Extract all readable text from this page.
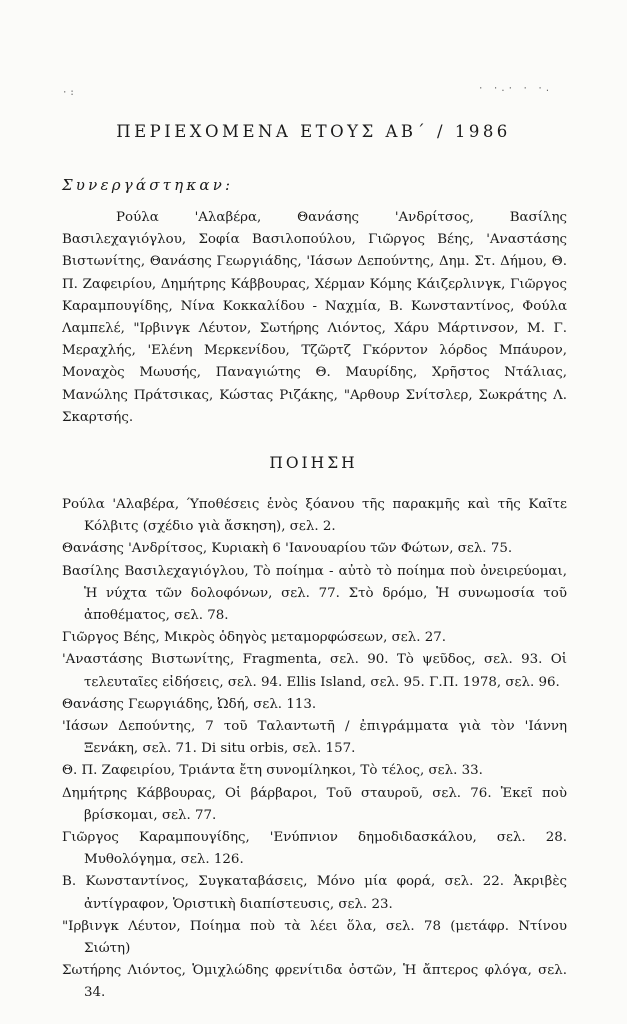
·:	· ·.· · ·.
ΠΕΡΙΕΧΟΜΕΝΑ ΕΤΟΥΣ ΑΒ΄ / 1986
Συνεργάστηκαν:

Ρούλα 'Αλαβέρα, Θανάσης 'Ανδρίτσος, Βασίλης Βασιλεχαγιόγλου, Σοφία Βασιλοπούλου, Γιῶργος Βέης, 'Αναστάσης Βιστωνίτης, Θανάσης Γεωργιάδης, 'Ιάσων Δεπούντης, Δημ. Στ. Δήμου, Θ. Π. Ζαφειρίου, Δημήτρης Κάββουρας, Χέρμαν Κόμης Κάιζερλινγκ, Γιῶργος Καραμπουγίδης, Νίνα Κοκκαλίδου - Ναχμία, Β. Κωνσταντίνος, Φούλα Λαμπελέ, "Ιρβινγκ Λέυτον, Σωτήρης Λιόντος, Χάρυ Μάρτινσον, Μ. Γ. Μεραχλής, 'Ελένη Μερκενίδου, Τζῶρτζ Γκόρντον λόρδος Μπάυρον, Μοναχὸς Μωυσής, Παναγιώτης Θ. Μαυρίδης, Χρῆστος Ντάλιας, Μανώλης Πράτσικας, Κώστας Ριζάκης, "Αρθουρ Σνίτσλερ, Σωκράτης Λ. Σκαρτσής.

ΠΟΙΗΣΗ
Ρούλα 'Αλαβέρα, Ύποθέσεις ἑνὸς ξόανου τῆς παρακμῆς καὶ τῆς Καῖτε Κόλβιτς (σχέδιο γιὰ ἄσκηση), σελ. 2.
Θανάσης 'Ανδρίτσος, Κυριακὴ 6 'Ιανουαρίου τῶν Φώτων, σελ. 75.
Βασίλης Βασιλεχαγιόγλου, Τὸ ποίημα - αὐτὸ τὸ ποίημα ποὺ ὀνειρεύομαι, Ἡ νύχτα τῶν δολοφόνων, σελ. 77. Στὸ δρόμο, Ἡ συνωμοσία τοῦ ἀποθέματος, σελ. 78.
Γιῶργος Βέης, Μικρὸς ὁδηγὸς μεταμορφώσεων, σελ. 27.
'Αναστάσης Βιστωνίτης, Fragmenta, σελ. 90. Τὸ ψεῦδος, σελ. 93. Οἱ τελευταῖες εἰδήσεις, σελ. 94. Ellis Island, σελ. 95. Γ.Π. 1978, σελ. 96.
Θανάσης Γεωργιάδης, Ὠδή, σελ. 113.
'Ιάσων Δεπούντης, 7 τοῦ Ταλαντωτῆ / ἐπιγράμματα γιὰ τὸν 'Ιάννη Ξενάκη, σελ. 71. Di situ orbis, σελ. 157.
Θ. Π. Ζαφειρίου, Τριάντα ἔτη συνομίληκοι, Τὸ τέλος, σελ. 33.
Δημήτρης Κάββουρας, Οἱ βάρβαροι, Τοῦ σταυροῦ, σελ. 76. Ἐκεῖ ποὺ βρίσκομαι, σελ. 77.
Γιῶργος Καραμπουγίδης, 'Ενύπνιον δημοδιδασκάλου, σελ. 28. Μυθολόγημα, σελ. 126.
Β. Κωνσταντίνος, Συγκαταβάσεις, Μόνο μία φορά, σελ. 22. Ἀκριβὲς ἀντίγραφον, Ὁριστικὴ διαπίστευσις, σελ. 23.
"Ιρβινγκ Λέυτον, Ποίημα ποὺ τὰ λέει ὅλα, σελ. 78 (μετάφρ. Ντίνου Σιώτη)
Σωτήρης Λιόντος, Ὁμιχλώδης φρενίτιδα ὀστῶν, Ἡ ἄπτερος φλόγα, σελ. 34.
